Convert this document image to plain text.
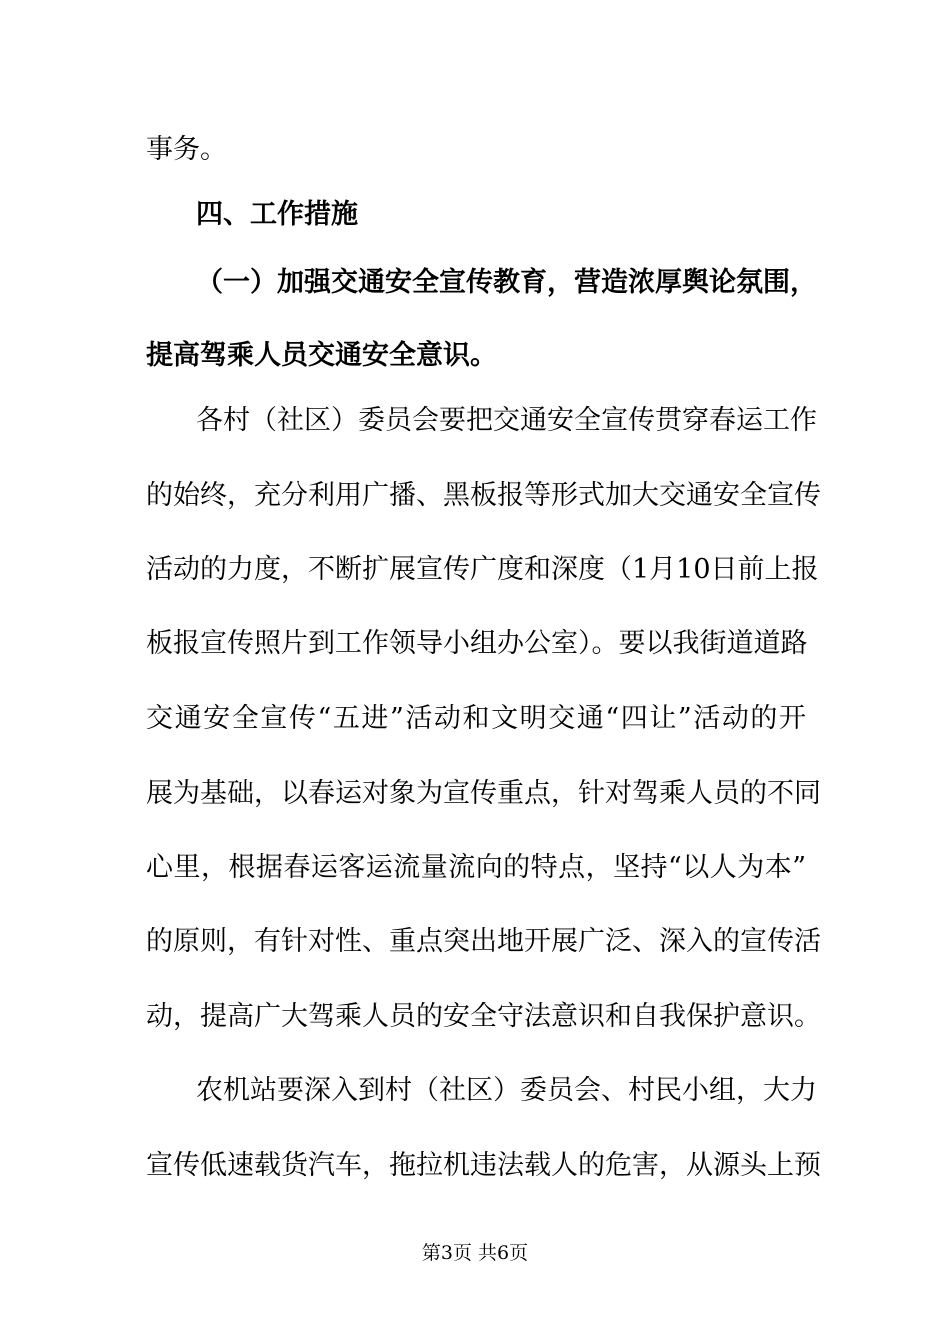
事务。
四、工作措施
（一）加强交通安全宣传教育，营造浓厚舆论氛围，
提高驾乘人员交通安全意识。
各村（社区）委员会要把交通安全宣传贯穿春运工作
的始终，充分利用广播、黑板报等形式加大交通安全宣传
活动的力度，不断扩展宣传广度和深度（1月10日前上报
板报宣传照片到工作领导小组办公室）。要以我街道道路
交通安全宣传“五进”活动和文明交通“四让”活动的开
展为基础，以春运对象为宣传重点，针对驾乘人员的不同
心里，根据春运客运流量流向的特点，坚持“以人为本”
的原则，有针对性、重点突出地开展广泛、深入的宣传活
动，提高广大驾乘人员的安全守法意识和自我保护意识。
农机站要深入到村（社区）委员会、村民小组，大力
宣传低速载货汽车，拖拉机违法载人的危害，从源头上预
第3页 共6页
